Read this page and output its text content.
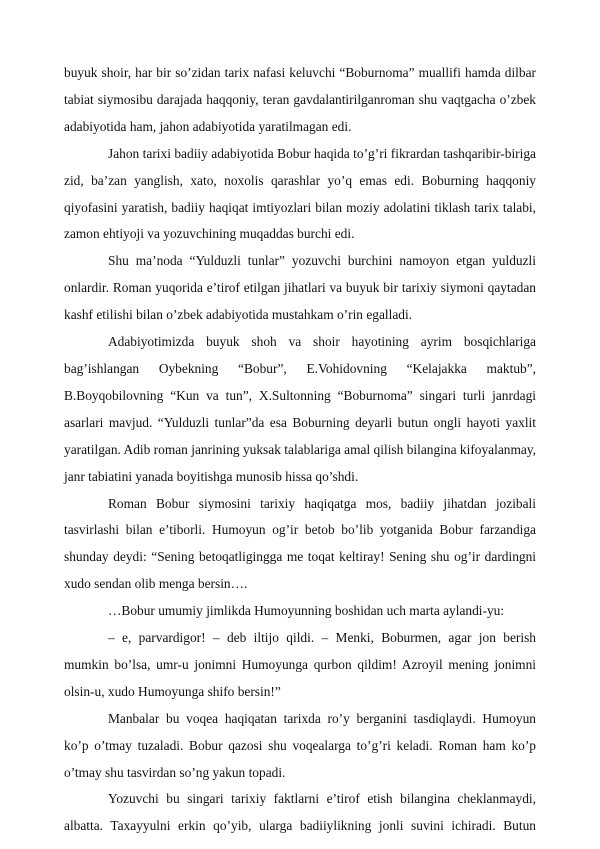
buyuk shoir, har bir so’zidan tarix nafasi keluvchi “Boburnoma” muallifi hamda dilbar tabiat siymosibu darajada haqqoniy, teran gavdalantirilganroman shu vaqtgacha o’zbek adabiyotida ham, jahon adabiyotida yaratilmagan edi.

Jahon tarixi badiiy adabiyotida Bobur haqida to’g’ri fikrardan tashqaribir-biriga zid, ba’zan yanglish, xato, noxolis qarashlar yo’q emas edi. Boburning haqqoniy qiyofasini yaratish, badiiy haqiqat imtiyozlari bilan moziy adolatini tiklash tarix talabi, zamon ehtiyoji va yozuvchining muqaddas burchi edi.

Shu ma’noda “Yulduzli tunlar” yozuvchi burchini namoyon etgan yulduzli onlardir. Roman yuqorida e’tirof etilgan jihatlari va buyuk bir tarixiy siymoni qaytadan kashf etilishi bilan o’zbek adabiyotida mustahkam o’rin egalladi.

Adabiyotimizda buyuk shoh va shoir hayotining ayrim bosqichlariga bag’ishlangan Oybekning “Bobur”, E.Vohidovning “Kelajakka maktub”, B.Boyqobilovning “Kun va tun”, X.Sultonning “Boburnoma” singari turli janrdagi asarlari mavjud. “Yulduzli tunlar”da esa Boburning deyarli butun ongli hayoti yaxlit yaratilgan. Adib roman janrining yuksak talablariga amal qilish bilangina kifoyalanmay, janr tabiatini yanada boyitishga munosib hissa qo’shdi.

Roman Bobur siymosini tarixiy haqiqatga mos, badiiy jihatdan jozibali tasvirlashi bilan e’tiborli. Humoyun og’ir betob bo’lib yotganida Bobur farzandiga shunday deydi: “Sening betoqatligingga me toqat keltiray! Sening shu og’ir dardingni xudo sendan olib menga bersin….

…Bobur umumiy jimlikda Humoyunning boshidan uch marta aylandi-yu:

– e, parvardigor! – deb iltijo qildi. – Menki, Boburmen, agar jon berish mumkin bo’lsa, umr-u jonimni Humoyunga qurbon qildim! Azroyil mening jonimni olsin-u, xudo Humoyunga shifo bersin!”

Manbalar bu voqea haqiqatan tarixda ro’y berganini tasdiqlaydi. Humoyun ko’p o’tmay tuzaladi. Bobur qazosi shu voqealarga to’g’ri keladi. Roman ham ko’p o’tmay shu tasvirdan so’ng yakun topadi.

Yozuvchi bu singari tarixiy faktlarni e’tirof etish bilangina cheklanmaydi, albatta. Taxayyulni erkin qo’yib, ularga badiiylikning jonli suvini ichiradi. Butun
